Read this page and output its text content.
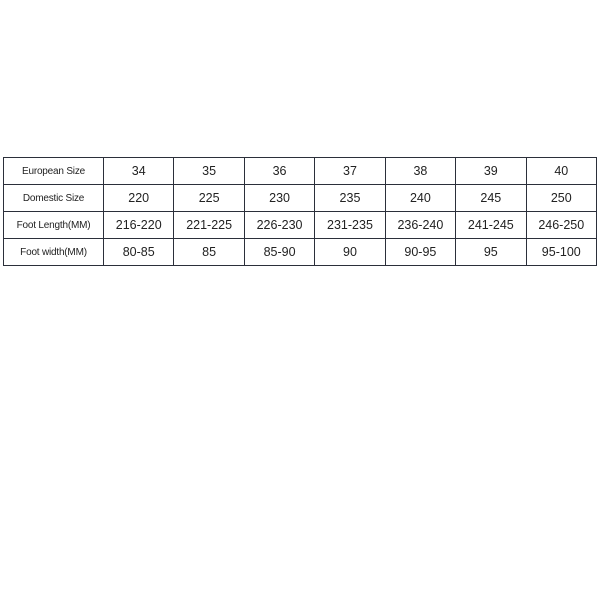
European Size	34	35	36	37	38	39	40
Domestic Size	220	225	230	235	240	245	250
Foot Length(MM)	216-220	221-225	226-230	231-235	236-240	241-245	246-250
Foot width(MM)	80-85	85	85-90	90	90-95	95	95-100
